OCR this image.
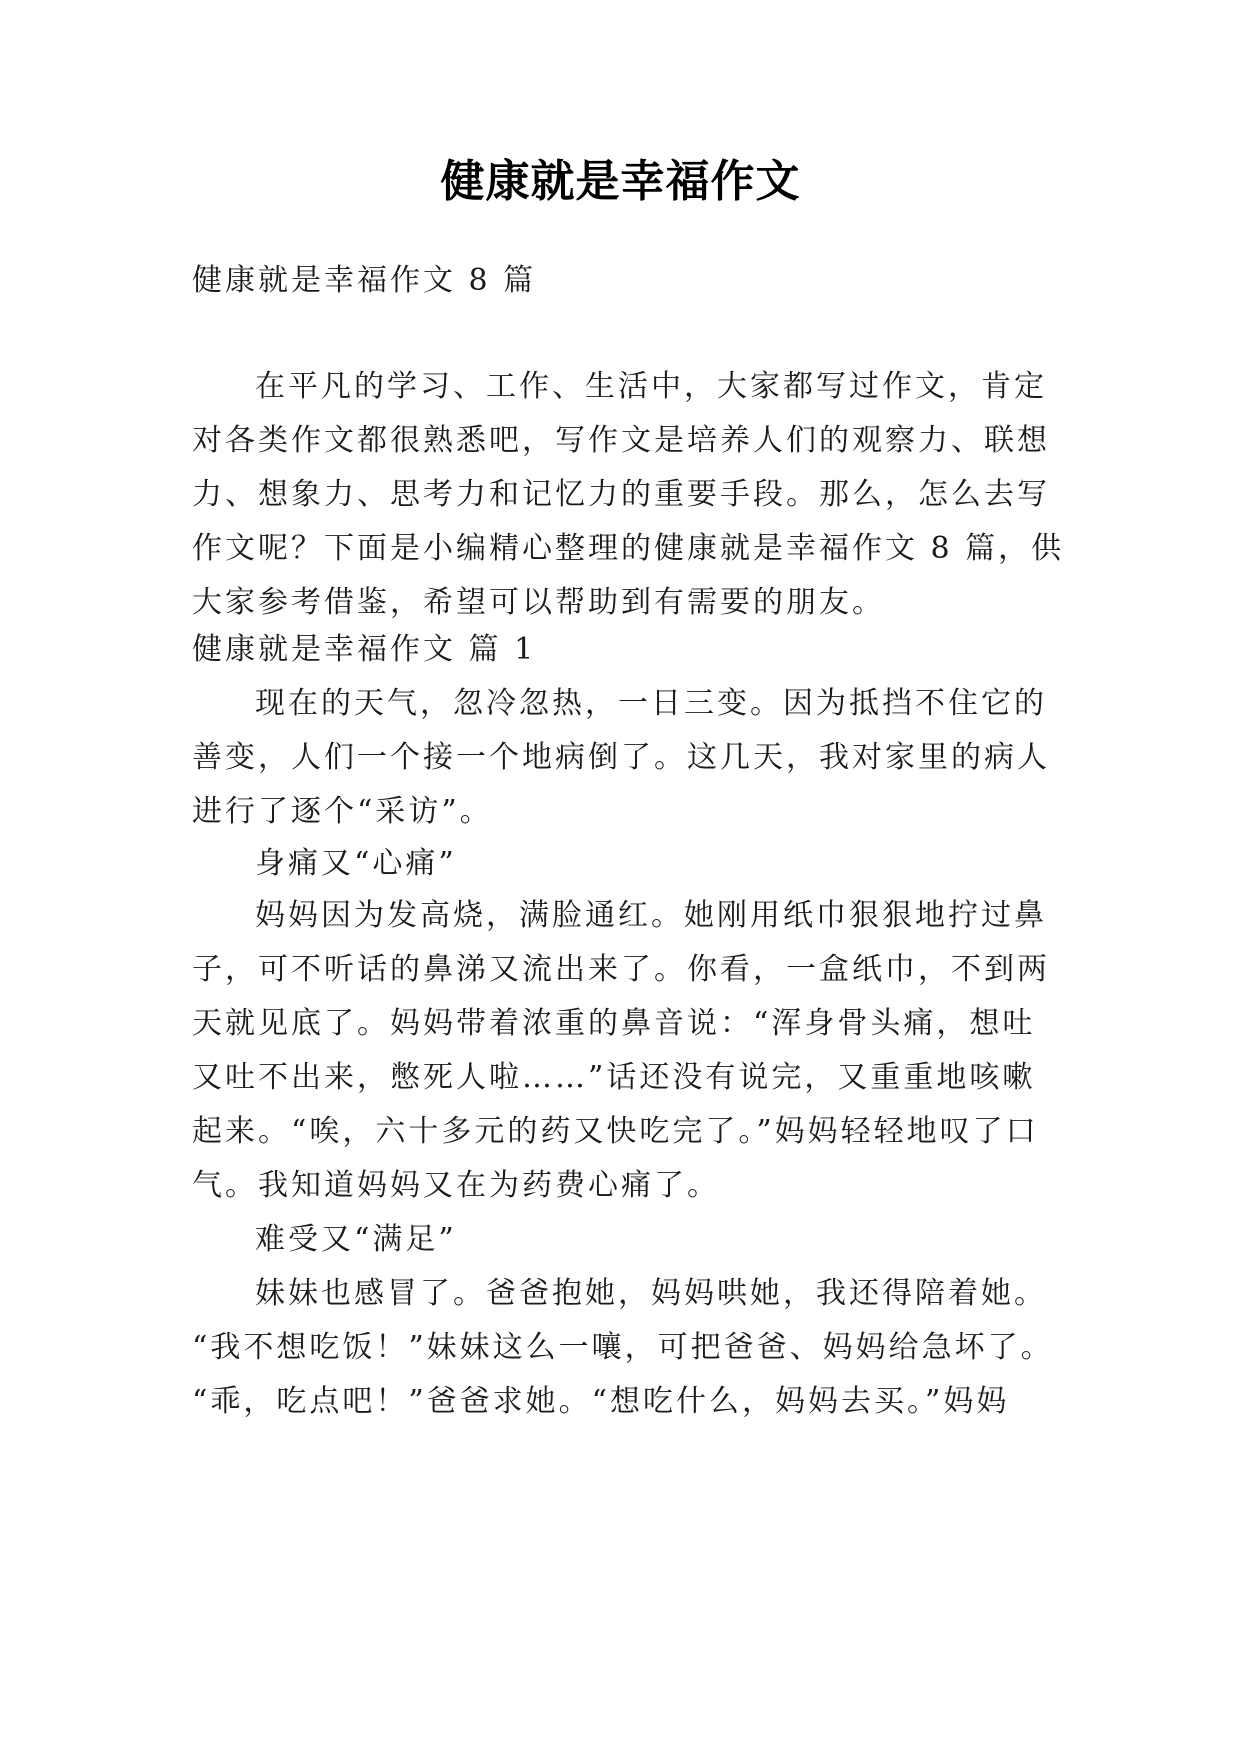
健康就是幸福作文
健康就是幸福作文 8 篇
在平凡的学习、工作、生活中，大家都写过作文，肯定
对各类作文都很熟悉吧，写作文是培养人们的观察力、联想
力、想象力、思考力和记忆力的重要手段。那么，怎么去写
作文呢？下面是小编精心整理的健康就是幸福作文 8 篇，供
大家参考借鉴，希望可以帮助到有需要的朋友。
健康就是幸福作文 篇 1
现在的天气，忽冷忽热，一日三变。因为抵挡不住它的
善变，人们一个接一个地病倒了。这几天，我对家里的病人
进行了逐个“采访”。
身痛又“心痛”
妈妈因为发高烧，满脸通红。她刚用纸巾狠狠地拧过鼻
子，可不听话的鼻涕又流出来了。你看，一盒纸巾，不到两
天就见底了。妈妈带着浓重的鼻音说：“浑身骨头痛，想吐
又吐不出来，憋死人啦……”话还没有说完，又重重地咳嗽
起来。“唉，六十多元的药又快吃完了。”妈妈轻轻地叹了口
气。我知道妈妈又在为药费心痛了。
难受又“满足”
妹妹也感冒了。爸爸抱她，妈妈哄她，我还得陪着她。
“我不想吃饭！”妹妹这么一嚷，可把爸爸、妈妈给急坏了。
“乖，吃点吧！”爸爸求她。“想吃什么，妈妈去买。”妈妈
